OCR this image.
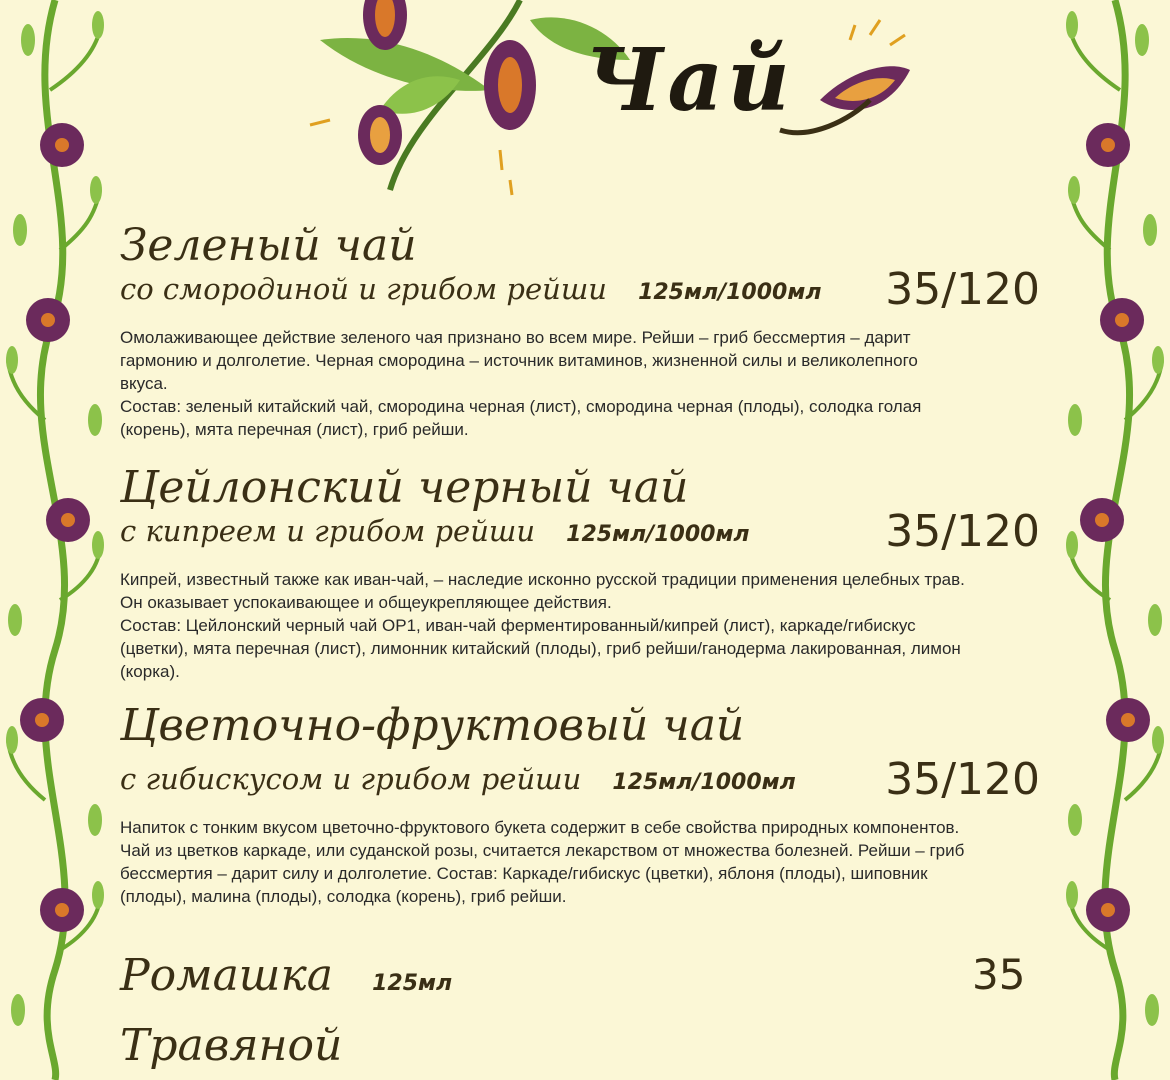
Чай
Зеленый чай
со смородиной и грибом рейши 125мл/1000мл 35/120
Омолаживающее действие зеленого чая признано во всем мире. Рейши – гриб бессмертия – дарит гармонию и долголетие. Черная смородина – источник витаминов, жизненной силы и великолепного вкуса.
Состав: зеленый китайский чай, смородина черная (лист), смородина черная (плоды), солодка голая (корень), мята перечная (лист), гриб рейши.
Цейлонский черный чай
с кипреем и грибом рейши 125мл/1000мл	35/120
Кипрей, известный также как иван-чай, – наследие исконно русской традиции применения целебных трав. Он оказывает успокаивающее и общеукрепляющее действия.
Состав: Цейлонский черный чай OP1, иван-чай ферментированный/кипрей (лист), каркаде/гибискус (цветки), мята перечная (лист), лимонник китайский (плоды), гриб рейши/ганодерма лакированная, лимон (корка).
Цветочно-фруктовый чай
с гибискусом и грибом рейши 125мл/1000мл 35/120
Напиток с тонким вкусом цветочно-фруктового букета содержит в себе свойства природных компонентов. Чай из цветков каркаде, или суданской розы, считается лекарством от множества болезней. Рейши – гриб бессмертия – дарит силу и долголетие. Состав: Каркаде/гибискус (цветки), яблоня (плоды), шиповник (плоды), малина (плоды), солодка (корень), гриб рейши.
Ромашка 125мл	35
Травяной
